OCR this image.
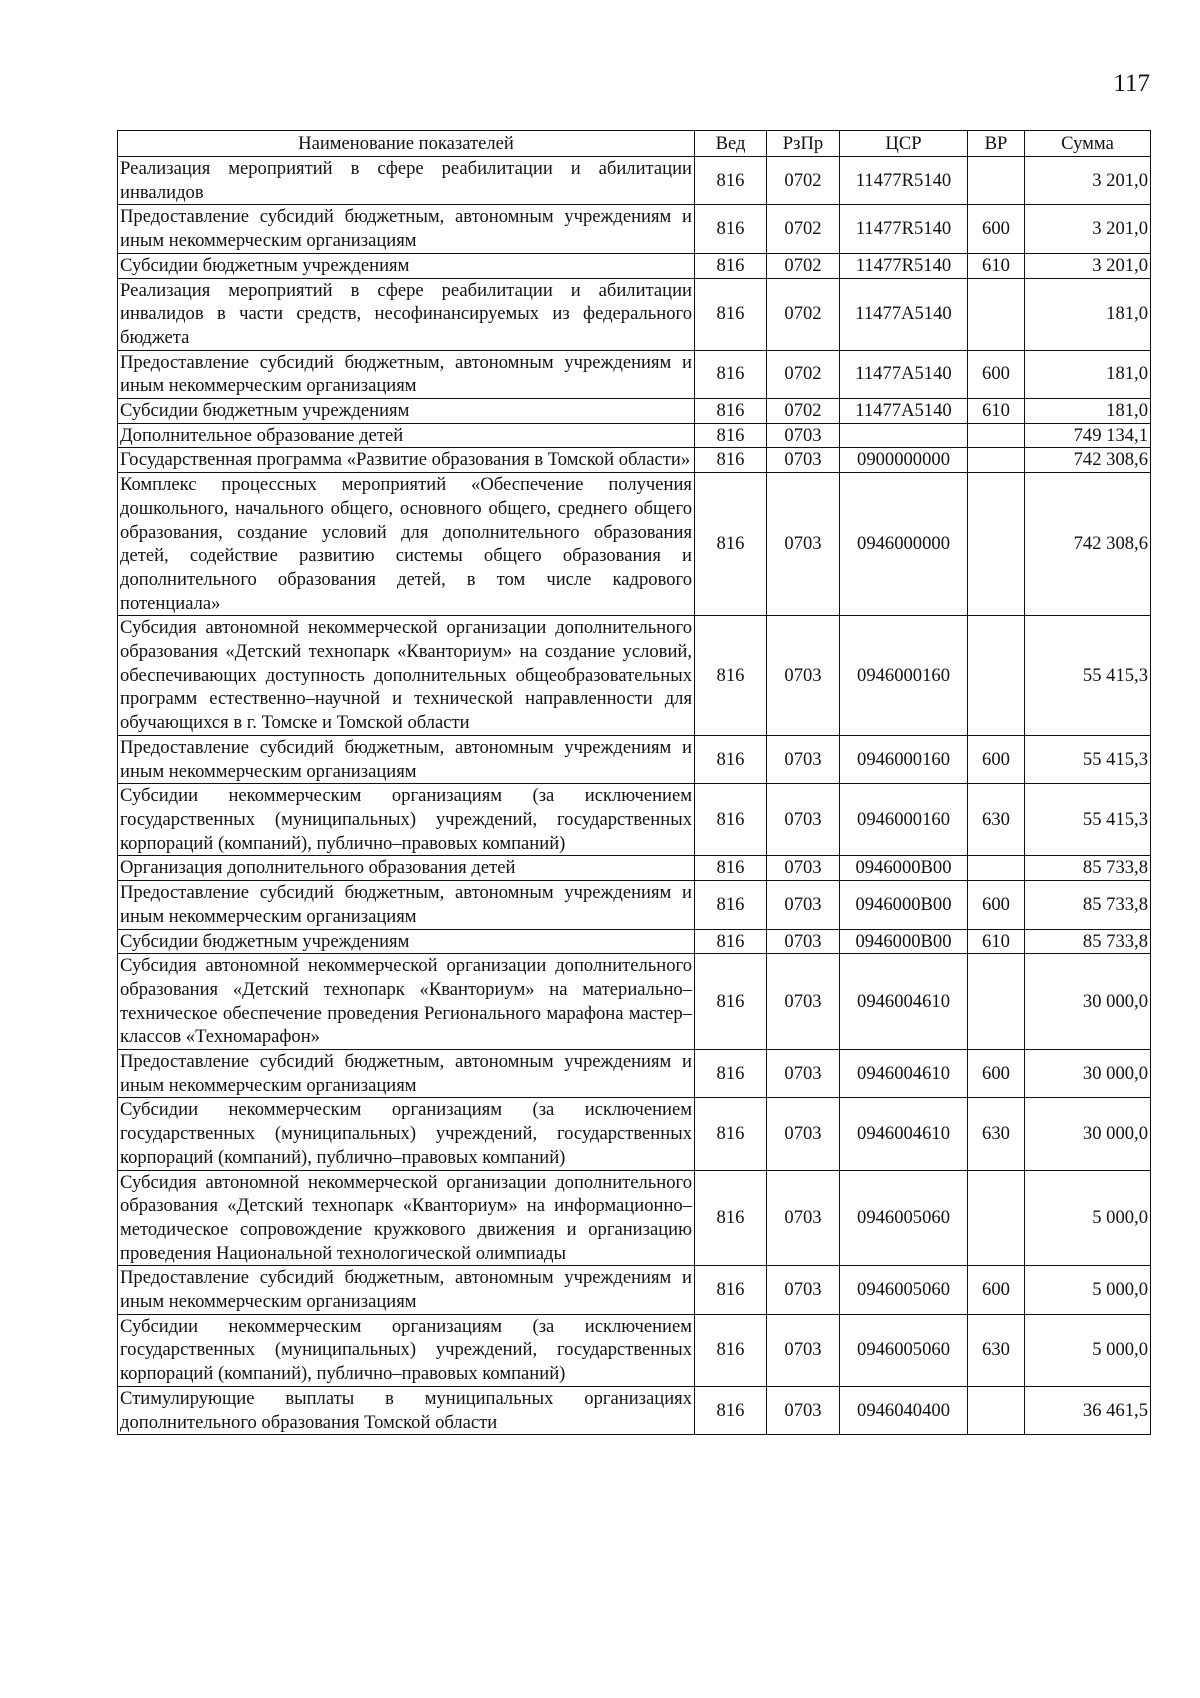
117
Наименование показателей	Вед	РзПр	ЦСР	ВР	Сумма
Реализация мероприятий в сфере реабилитации и абилитации инвалидов	816	0702	11477R5140		3 201,0
Предоставление субсидий бюджетным, автономным учреждениям и иным некоммерческим организациям	816	0702	11477R5140	600	3 201,0
Субсидии бюджетным учреждениям	816	0702	11477R5140	610	3 201,0
Реализация мероприятий в сфере реабилитации и абилитации инвалидов в части средств, несофинансируемых из федерального бюджета	816	0702	11477A5140		181,0
Предоставление субсидий бюджетным, автономным учреждениям и иным некоммерческим организациям	816	0702	11477A5140	600	181,0
Субсидии бюджетным учреждениям	816	0702	11477A5140	610	181,0
Дополнительное образование детей	816	0703			749 134,1
Государственная программа «Развитие образования в Томской области»	816	0703	0900000000		742 308,6
Комплекс процессных мероприятий «Обеспечение получения дошкольного, начального общего, основного общего, среднего общего образования, создание условий для дополнительного образования детей, содействие развитию системы общего образования и дополнительного образования детей, в том числе кадрового потенциала»	816	0703	0946000000		742 308,6
Субсидия автономной некоммерческой организации дополнительного образования «Детский технопарк «Кванториум» на создание условий, обеспечивающих доступность дополнительных общеобразовательных программ естественно–научной и технической направленности для обучающихся в г. Томске и Томской области	816	0703	0946000160		55 415,3
Предоставление субсидий бюджетным, автономным учреждениям и иным некоммерческим организациям	816	0703	0946000160	600	55 415,3
Субсидии некоммерческим организациям (за исключением государственных (муниципальных) учреждений, государственных корпораций (компаний), публично–правовых компаний)	816	0703	0946000160	630	55 415,3
Организация дополнительного образования детей	816	0703	0946000В00		85 733,8
Предоставление субсидий бюджетным, автономным учреждениям и иным некоммерческим организациям	816	0703	0946000В00	600	85 733,8
Субсидии бюджетным учреждениям	816	0703	0946000В00	610	85 733,8
Субсидия автономной некоммерческой организации дополнительного образования «Детский технопарк «Кванториум» на материально–техническое обеспечение проведения Регионального марафона мастер–классов «Техномарафон»	816	0703	0946004610		30 000,0
Предоставление субсидий бюджетным, автономным учреждениям и иным некоммерческим организациям	816	0703	0946004610	600	30 000,0
Субсидии некоммерческим организациям (за исключением государственных (муниципальных) учреждений, государственных корпораций (компаний), публично–правовых компаний)	816	0703	0946004610	630	30 000,0
Субсидия автономной некоммерческой организации дополнительного образования «Детский технопарк «Кванториум» на информационно–методическое сопровождение кружкового движения и организацию проведения Национальной технологической олимпиады	816	0703	0946005060		5 000,0
Предоставление субсидий бюджетным, автономным учреждениям и иным некоммерческим организациям	816	0703	0946005060	600	5 000,0
Субсидии некоммерческим организациям (за исключением государственных (муниципальных) учреждений, государственных корпораций (компаний), публично–правовых компаний)	816	0703	0946005060	630	5 000,0
Стимулирующие выплаты в муниципальных организациях дополнительного образования Томской области	816	0703	0946040400		36 461,5
